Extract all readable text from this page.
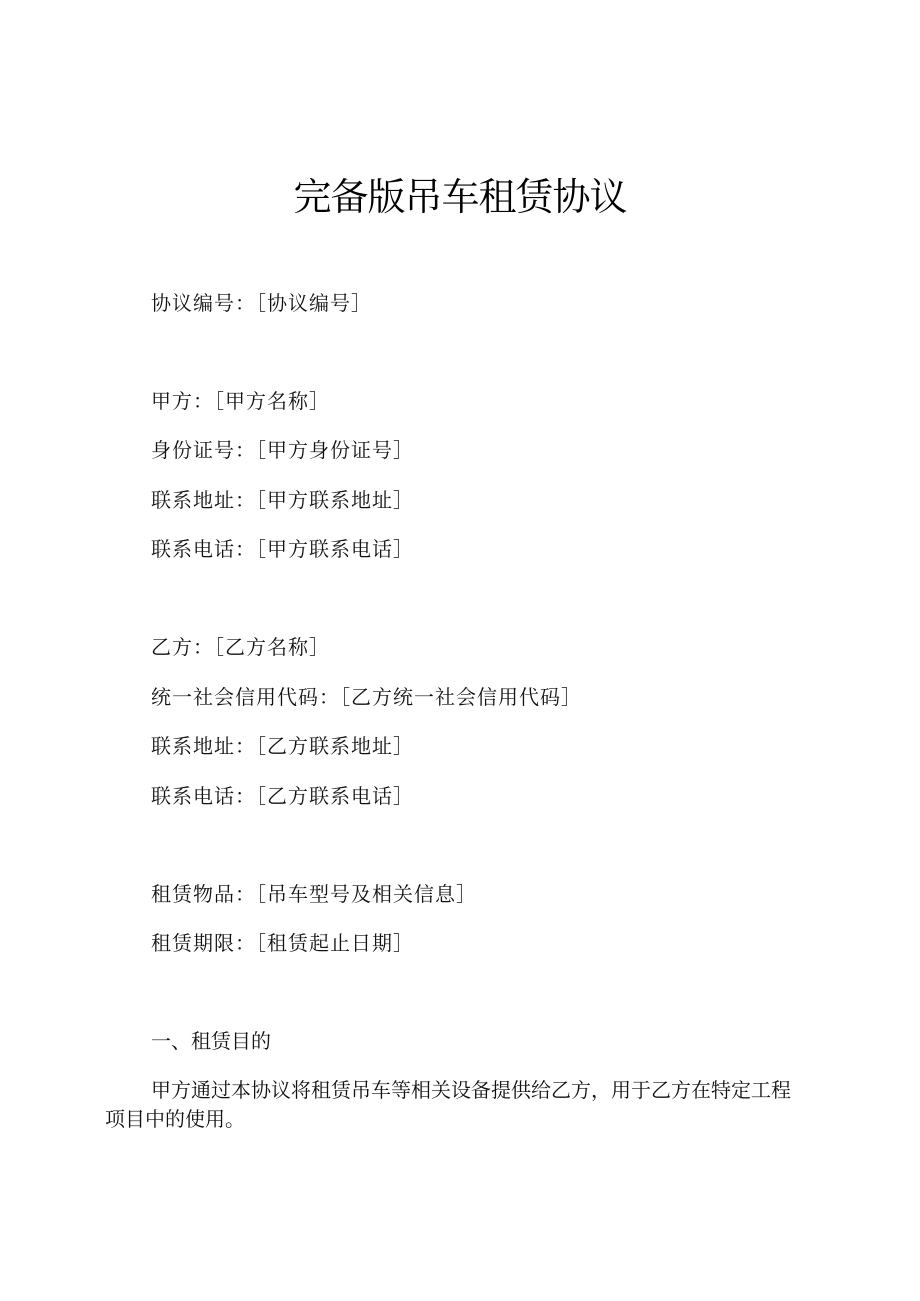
完备版吊车租赁协议
协议编号：［协议编号］
甲方：［甲方名称］
身份证号：［甲方身份证号］
联系地址：［甲方联系地址］
联系电话：［甲方联系电话］
乙方：［乙方名称］
统一社会信用代码：［乙方统一社会信用代码］
联系地址：［乙方联系地址］
联系电话：［乙方联系电话］
租赁物品：［吊车型号及相关信息］
租赁期限：［租赁起止日期］
一、租赁目的
甲方通过本协议将租赁吊车等相关设备提供给乙方，用于乙方在特定工程项目中的使用。
